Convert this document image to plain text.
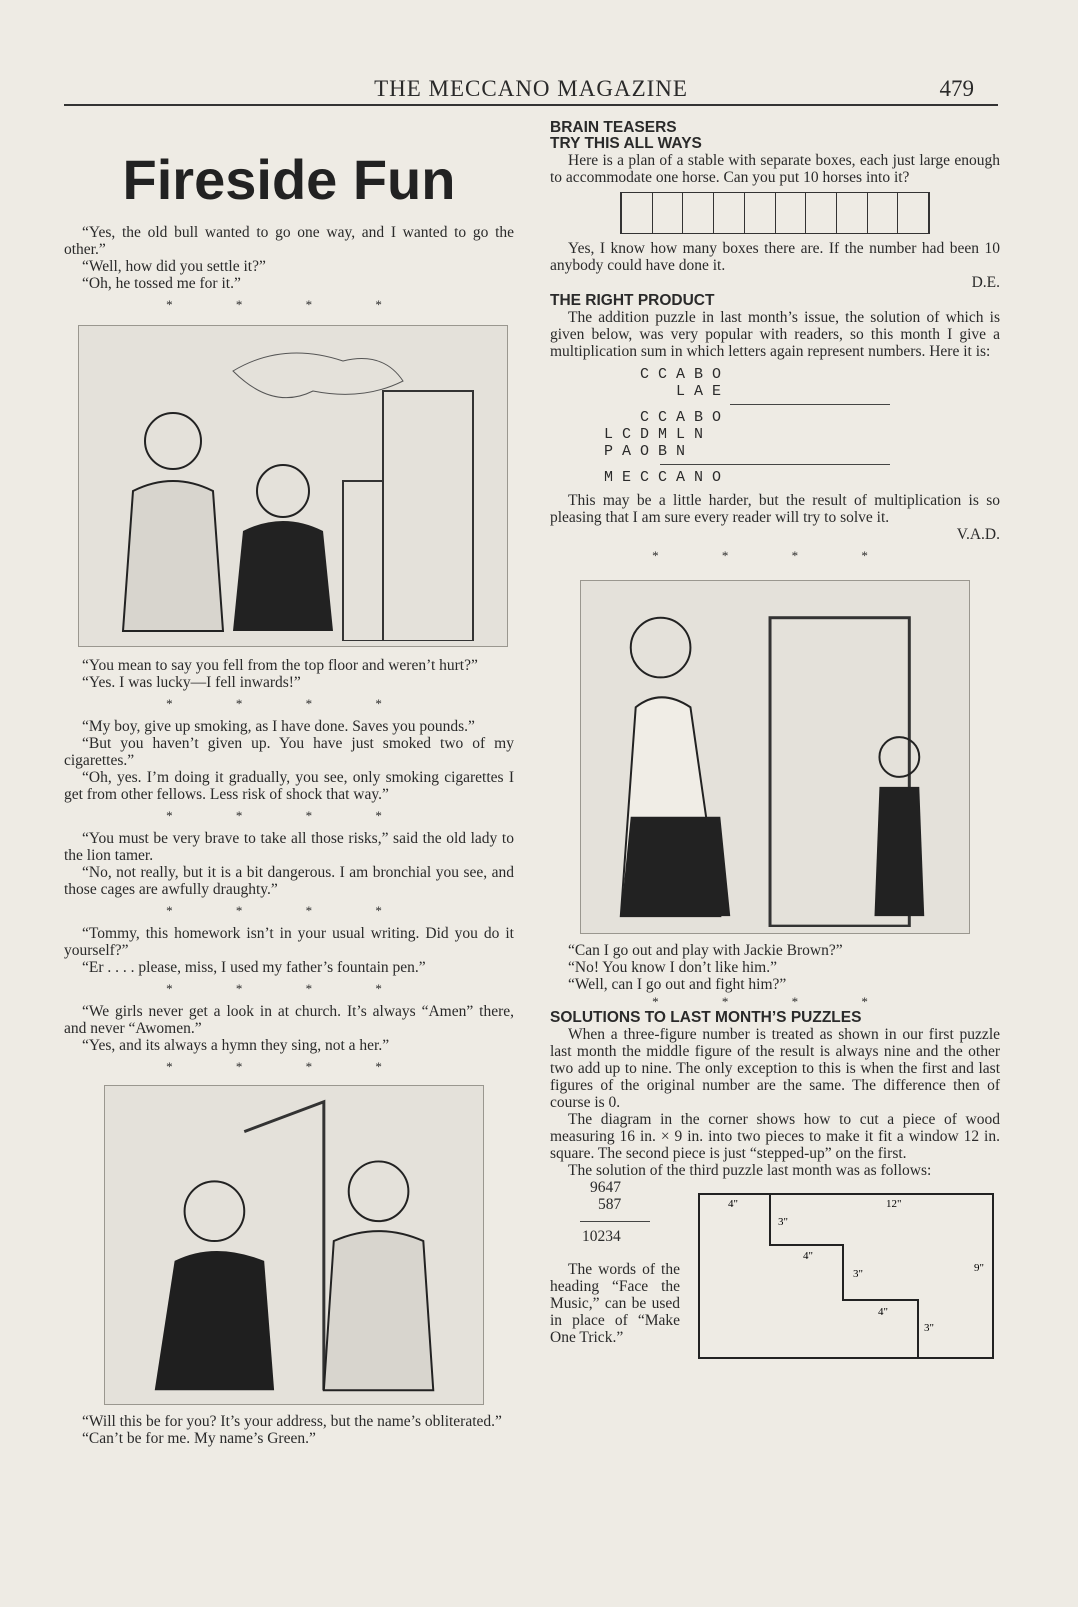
THE MECCANO MAGAZINE	479
Fireside Fun

“Yes, the old bull wanted to go one way, and I wanted to go the other.”

“Well, how did you settle it?”

“Oh, he tossed me for it.”

* * * *

“You mean to say you fell from the top floor and weren’t hurt?”

“Yes. I was lucky—I fell inwards!”

* * * *

“My boy, give up smoking, as I have done. Saves you pounds.”

“But you haven’t given up. You have just smoked two of my cigarettes.”

“Oh, yes. I’m doing it gradually, you see, only smoking cigarettes I get from other fellows. Less risk of shock that way.”

* * * *

“You must be very brave to take all those risks,” said the old lady to the lion tamer.

“No, not really, but it is a bit dangerous. I am bronchial you see, and those cages are awfully draughty.”

* * * *

“Tommy, this homework isn’t in your usual writing. Did you do it yourself?”

“Er . . . . please, miss, I used my father’s fountain pen.”

* * * *

“We girls never get a look in at church. It’s always “Amen” there, and never “Awomen.”

“Yes, and its always a hymn they sing, not a her.”

* * * *

“Will this be for you? It’s your address, but the name’s obliterated.”

“Can’t be for me. My name’s Green.”

BRAIN TEASERS

TRY THIS ALL WAYS

Here is a plan of a stable with separate boxes, each just large enough to accommodate one horse. Can you put 10 horses into it?

Yes, I know how many boxes there are. If the number had been 10 anybody could have done it.

D.E.

THE RIGHT PRODUCT

The addition puzzle in last month’s issue, the solution of which is given below, was very popular with readers, so this month I give a multiplication sum in which letters again represent numbers. Here it is:

C C A B O
L A E
C C A B O
L C D M L N
P A O B N
M E C C A N O

This may be a little harder, but the result of multiplication is so pleasing that I am sure every reader will try to solve it.

V.A.D.
* * * *

“Can I go out and play with Jackie Brown?”

“No! You know I don’t like him.”

“Well, can I go out and fight him?”

* * * *

SOLUTIONS TO LAST MONTH’S PUZZLES

When a three-figure number is treated as shown in our first puzzle last month the middle figure of the result is always nine and the other two add up to nine. The only exception to this is when the first and last figures of the original number are the same. The difference then of course is 0.

The diagram in the corner shows how to cut a piece of wood measuring 16 in. × 9 in. into two pieces to make it fit a window 12 in. square. The second piece is just “stepped-up” on the first.

The solution of the third puzzle last month was as follows:

9647
587
10234

The words of the heading “Face the Music,” can be used in place of “Make One Trick.”

4"	12"
3"
4"
3"	9"
4"
3"
